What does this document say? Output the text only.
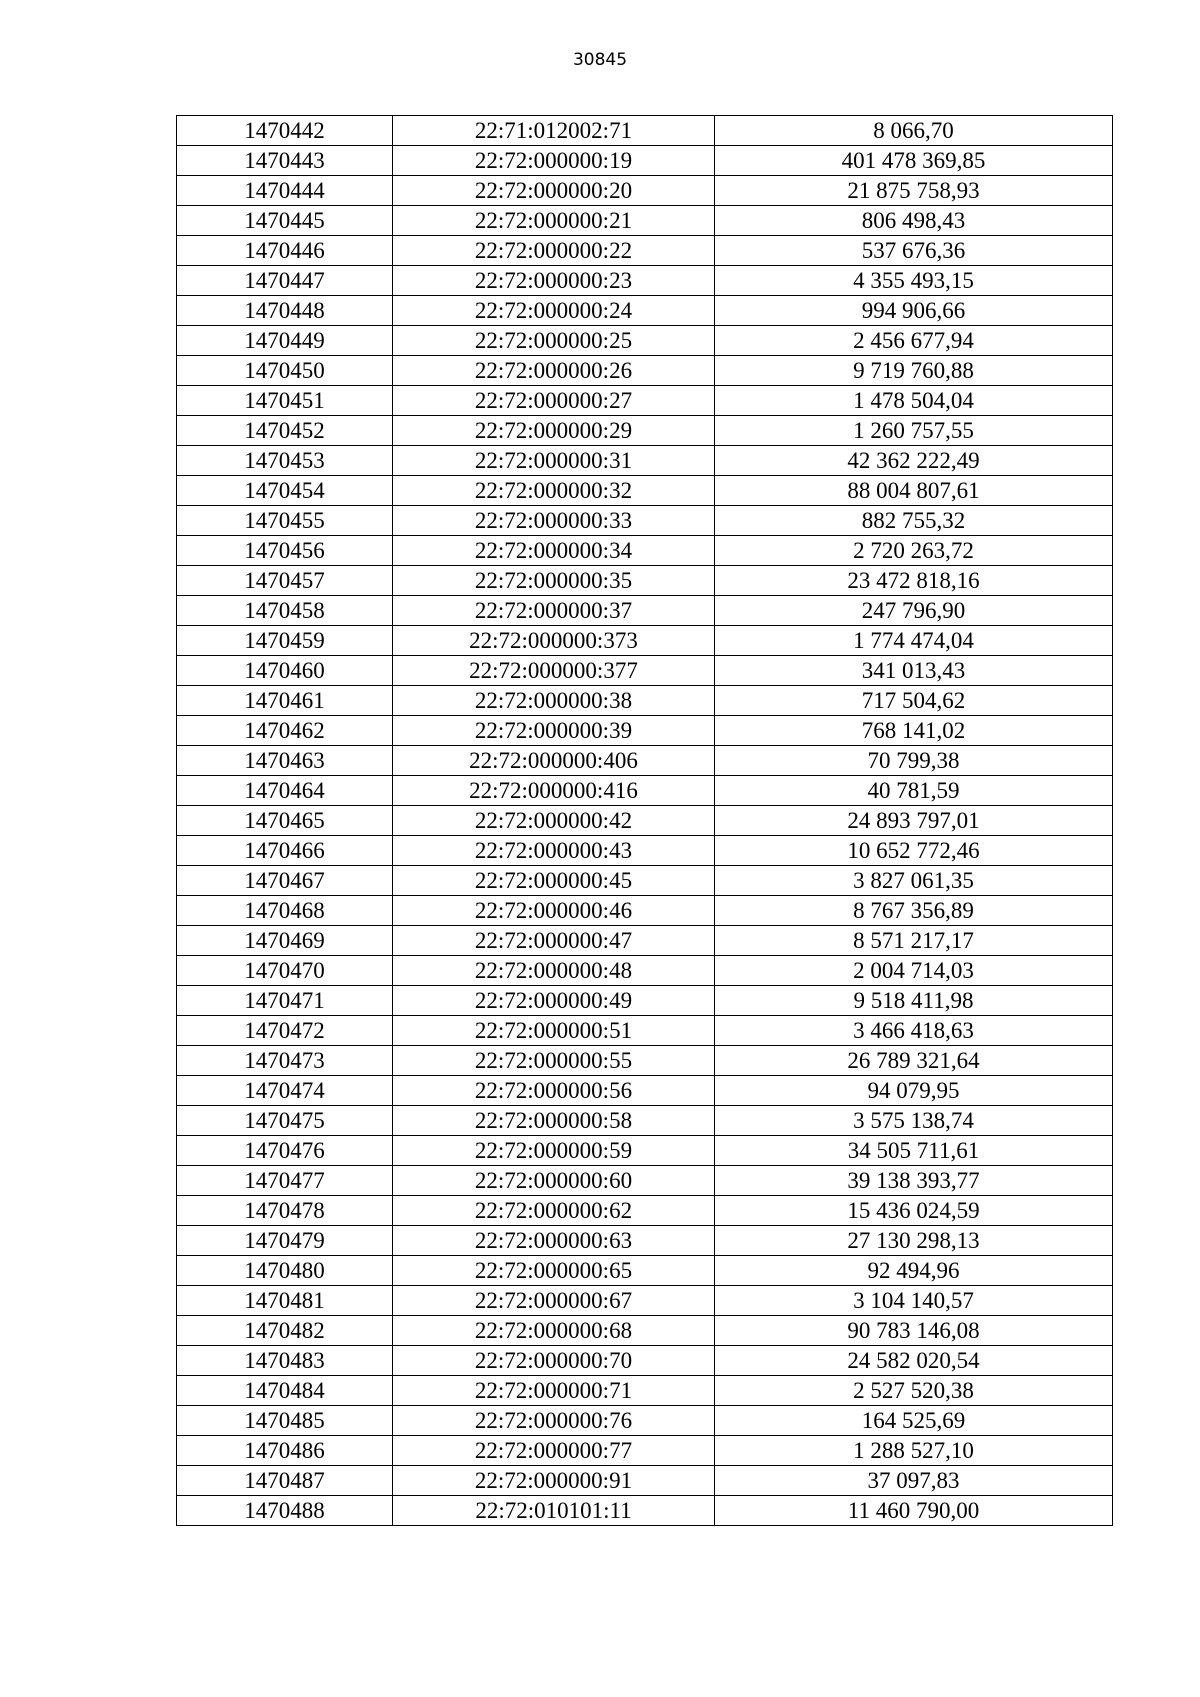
30845
1470442	22:71:012002:71	8 066,70
1470443	22:72:000000:19	401 478 369,85
1470444	22:72:000000:20	21 875 758,93
1470445	22:72:000000:21	806 498,43
1470446	22:72:000000:22	537 676,36
1470447	22:72:000000:23	4 355 493,15
1470448	22:72:000000:24	994 906,66
1470449	22:72:000000:25	2 456 677,94
1470450	22:72:000000:26	9 719 760,88
1470451	22:72:000000:27	1 478 504,04
1470452	22:72:000000:29	1 260 757,55
1470453	22:72:000000:31	42 362 222,49
1470454	22:72:000000:32	88 004 807,61
1470455	22:72:000000:33	882 755,32
1470456	22:72:000000:34	2 720 263,72
1470457	22:72:000000:35	23 472 818,16
1470458	22:72:000000:37	247 796,90
1470459	22:72:000000:373	1 774 474,04
1470460	22:72:000000:377	341 013,43
1470461	22:72:000000:38	717 504,62
1470462	22:72:000000:39	768 141,02
1470463	22:72:000000:406	70 799,38
1470464	22:72:000000:416	40 781,59
1470465	22:72:000000:42	24 893 797,01
1470466	22:72:000000:43	10 652 772,46
1470467	22:72:000000:45	3 827 061,35
1470468	22:72:000000:46	8 767 356,89
1470469	22:72:000000:47	8 571 217,17
1470470	22:72:000000:48	2 004 714,03
1470471	22:72:000000:49	9 518 411,98
1470472	22:72:000000:51	3 466 418,63
1470473	22:72:000000:55	26 789 321,64
1470474	22:72:000000:56	94 079,95
1470475	22:72:000000:58	3 575 138,74
1470476	22:72:000000:59	34 505 711,61
1470477	22:72:000000:60	39 138 393,77
1470478	22:72:000000:62	15 436 024,59
1470479	22:72:000000:63	27 130 298,13
1470480	22:72:000000:65	92 494,96
1470481	22:72:000000:67	3 104 140,57
1470482	22:72:000000:68	90 783 146,08
1470483	22:72:000000:70	24 582 020,54
1470484	22:72:000000:71	2 527 520,38
1470485	22:72:000000:76	164 525,69
1470486	22:72:000000:77	1 288 527,10
1470487	22:72:000000:91	37 097,83
1470488	22:72:010101:11	11 460 790,00
